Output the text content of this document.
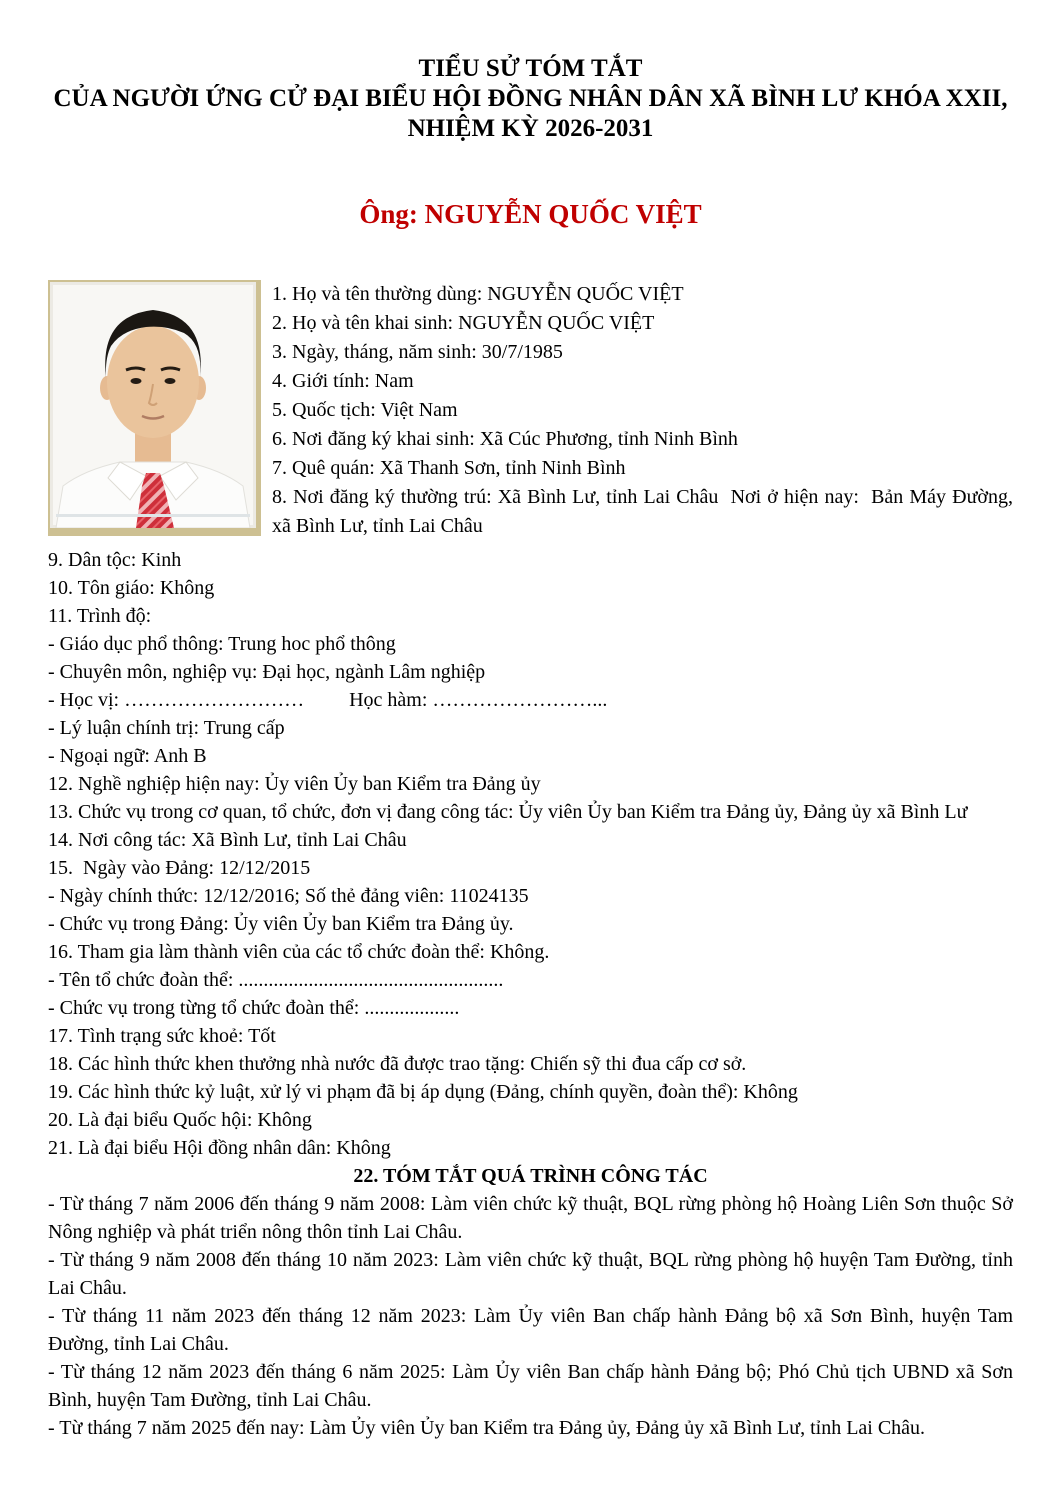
TIỂU SỬ TÓM TẮT
CỦA NGƯỜI ỨNG CỬ ĐẠI BIỂU HỘI ĐỒNG NHÂN DÂN XÃ BÌNH LƯ KHÓA XXII,
NHIỆM KỲ 2026-2031
Ông: NGUYỄN QUỐC VIỆT

1. Họ và tên thường dùng: NGUYỄN QUỐC VIỆT

2. Họ và tên khai sinh: NGUYỄN QUỐC VIỆT

3. Ngày, tháng, năm sinh: 30/7/1985

4. Giới tính: Nam

5. Quốc tịch: Việt Nam

6. Nơi đăng ký khai sinh: Xã Cúc Phương, tỉnh Ninh Bình

7. Quê quán: Xã Thanh Sơn, tỉnh Ninh Bình

8. Nơi đăng ký thường trú: Xã Bình Lư, tỉnh Lai Châu  Nơi ở hiện nay:  Bản Máy Đường, xã Bình Lư, tỉnh Lai Châu

9. Dân tộc: Kinh

10. Tôn giáo: Không

11. Trình độ:

- Giáo dục phổ thông: Trung hoc phổ thông

- Chuyên môn, nghiệp vụ: Đại học, ngành Lâm nghiệp

- Học vị: ………………………         Học hàm: ……………………...

- Lý luận chính trị: Trung cấp

- Ngoại ngữ: Anh B

12. Nghề nghiệp hiện nay: Ủy viên Ủy ban Kiểm tra Đảng ủy

13. Chức vụ trong cơ quan, tổ chức, đơn vị đang công tác: Ủy viên Ủy ban Kiểm tra Đảng ủy, Đảng ủy xã Bình Lư

14. Nơi công tác: Xã Bình Lư, tỉnh Lai Châu

15.  Ngày vào Đảng: 12/12/2015

- Ngày chính thức: 12/12/2016; Số thẻ đảng viên: 11024135

- Chức vụ trong Đảng: Ủy viên Ủy ban Kiểm tra Đảng ủy.

16. Tham gia làm thành viên của các tổ chức đoàn thể: Không.

- Tên tổ chức đoàn thể: .....................................................

- Chức vụ trong từng tổ chức đoàn thể: ...................

17. Tình trạng sức khoẻ: Tốt

18. Các hình thức khen thưởng nhà nước đã được trao tặng: Chiến sỹ thi đua cấp cơ sở.

19. Các hình thức kỷ luật, xử lý vi phạm đã bị áp dụng (Đảng, chính quyền, đoàn thể): Không

20. Là đại biểu Quốc hội: Không

21. Là đại biểu Hội đồng nhân dân: Không

22. TÓM TẮT QUÁ TRÌNH CÔNG TÁC

- Từ tháng 7 năm 2006 đến tháng 9 năm 2008: Làm viên chức kỹ thuật, BQL rừng phòng hộ Hoàng Liên Sơn thuộc Sở Nông nghiệp và phát triển nông thôn tỉnh Lai Châu.

- Từ tháng 9 năm 2008 đến tháng 10 năm 2023: Làm viên chức kỹ thuật, BQL rừng phòng hộ huyện Tam Đường, tỉnh Lai Châu.

- Từ tháng 11 năm 2023 đến tháng 12 năm 2023: Làm Ủy viên Ban chấp hành Đảng bộ xã Sơn Bình, huyện Tam Đường, tỉnh Lai Châu.

- Từ tháng 12 năm 2023 đến tháng 6 năm 2025: Làm Ủy viên Ban chấp hành Đảng bộ; Phó Chủ tịch UBND xã Sơn Bình, huyện Tam Đường, tỉnh Lai Châu.

- Từ tháng 7 năm 2025 đến nay: Làm Ủy viên Ủy ban Kiểm tra Đảng ủy, Đảng ủy xã Bình Lư, tỉnh Lai Châu.
